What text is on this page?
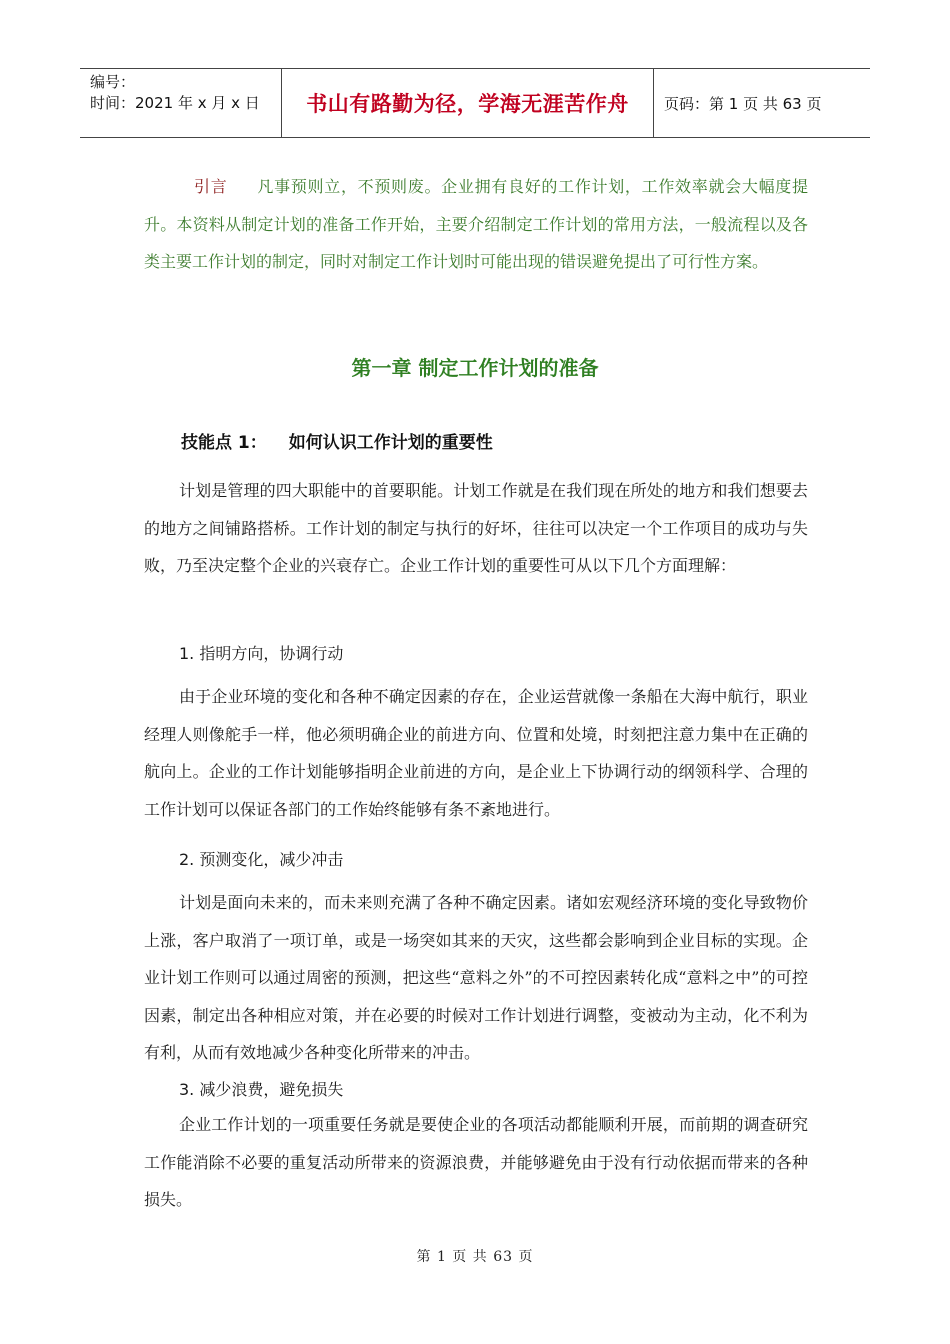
编号：
时间：2021 年 x 月 x 日	书山有路勤为径，学海无涯苦作舟	页码：第 1 页 共 63 页
引言 凡事预则立，不预则废。企业拥有良好的工作计划，工作效率就会大幅度提升。本资料从制定计划的准备工作开始，主要介绍制定工作计划的常用方法，一般流程以及各类主要工作计划的制定，同时对制定工作计划时可能出现的错误避免提出了可行性方案。
第一章 制定工作计划的准备
技能点 1： 如何认识工作计划的重要性
计划是管理的四大职能中的首要职能。计划工作就是在我们现在所处的地方和我们想要去的地方之间铺路搭桥。工作计划的制定与执行的好坏，往往可以决定一个工作项目的成功与失败，乃至决定整个企业的兴衰存亡。企业工作计划的重要性可从以下几个方面理解：
1. 指明方向，协调行动
由于企业环境的变化和各种不确定因素的存在，企业运营就像一条船在大海中航行，职业经理人则像舵手一样，他必须明确企业的前进方向、位置和处境，时刻把注意力集中在正确的航向上。企业的工作计划能够指明企业前进的方向，是企业上下协调行动的纲领科学、合理的工作计划可以保证各部门的工作始终能够有条不紊地进行。
2. 预测变化，减少冲击
计划是面向未来的，而未来则充满了各种不确定因素。诸如宏观经济环境的变化导致物价上涨，客户取消了一项订单，或是一场突如其来的天灾，这些都会影响到企业目标的实现。企业计划工作则可以通过周密的预测，把这些“意料之外”的不可控因素转化成“意料之中”的可控因素，制定出各种相应对策，并在必要的时候对工作计划进行调整，变被动为主动，化不利为有利，从而有效地减少各种变化所带来的冲击。
3. 减少浪费，避免损失
企业工作计划的一项重要任务就是要使企业的各项活动都能顺利开展，而前期的调查研究工作能消除不必要的重复活动所带来的资源浪费，并能够避免由于没有行动依据而带来的各种损失。
第 1 页 共 63 页
